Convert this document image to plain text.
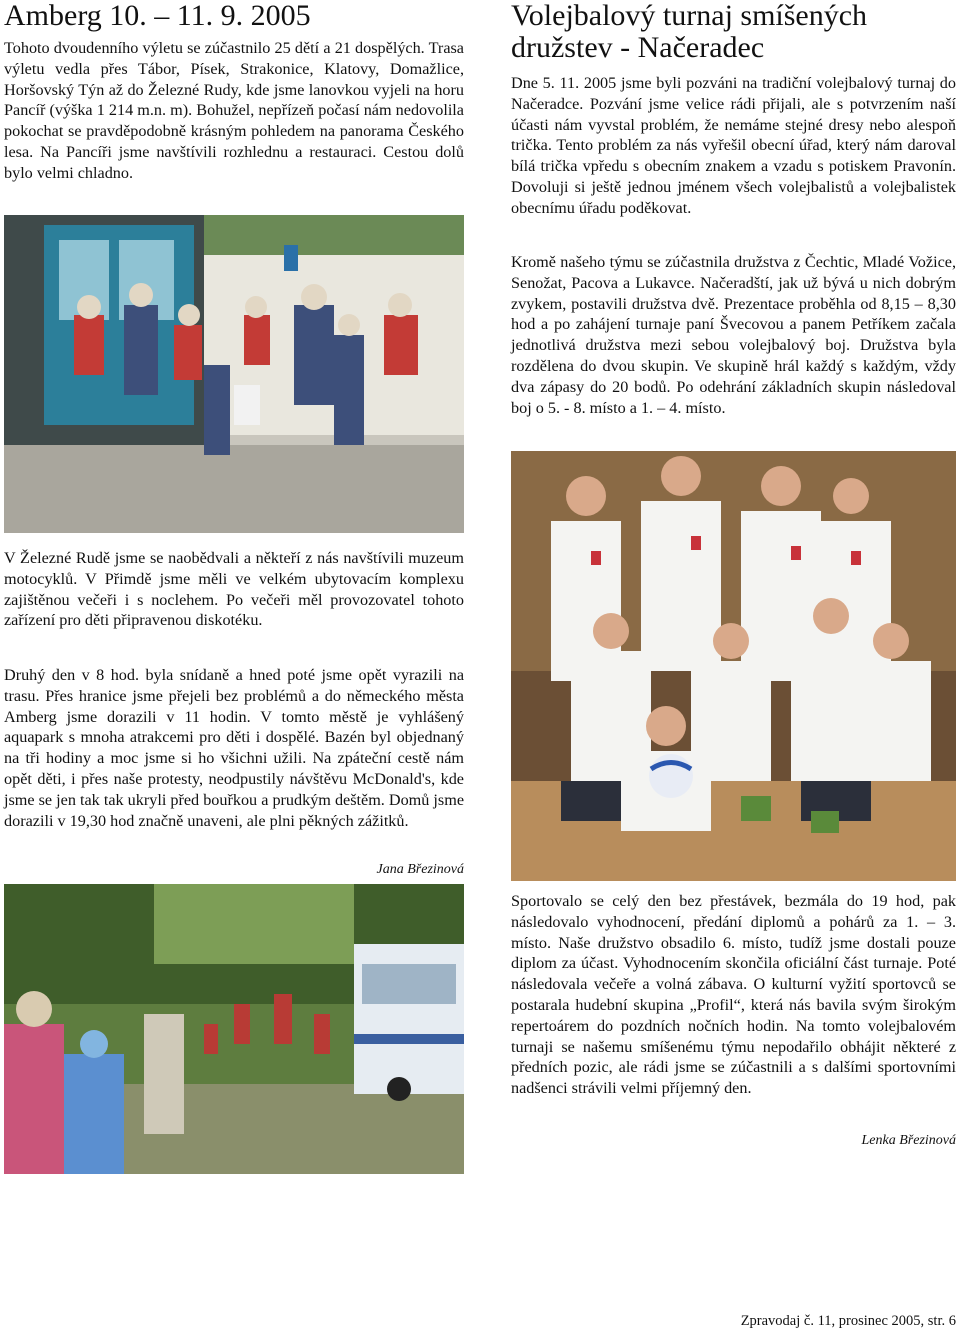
Amberg 10. – 11. 9. 2005

Tohoto dvoudenního výletu se zúčastnilo 25 dětí a 21 dospělých. Trasa výletu vedla přes Tábor, Písek, Strakonice, Klatovy, Domažlice, Horšovský Týn až do Železné Rudy, kde jsme lanovkou vyjeli na horu Pancíř (výška 1 214 m.n. m). Bohužel, nepřízeň počasí nám nedovolila pokochat se pravděpodobně krásným pohledem na panorama Českého lesa. Na Pancíři jsme navštívili rozhlednu a restauraci. Cestou dolů bylo velmi chladno.

V Železné Rudě jsme se naobědvali a někteří z nás navštívili muzeum motocyklů. V Přimdě jsme měli ve velkém ubytovacím komplexu zajištěnou večeři i s noclehem. Po večeři měl provozovatel tohoto zařízení pro děti připravenou diskotéku.

Druhý den v 8 hod. byla snídaně a hned poté jsme opět vyrazili na trasu. Přes hranice jsme přejeli bez problémů a do německého města Amberg jsme dorazili v 11 hodin. V tomto městě je vyhlášený aquapark s mnoha atrakcemi pro děti i dospělé. Bazén byl objednaný na tři hodiny a moc jsme si ho všichni užili. Na zpáteční cestě nám opět děti, i přes naše protesty, neodpustily návštěvu McDonald's, kde jsme se jen tak tak ukryli před bouřkou a prudkým deštěm. Domů jsme dorazili v 19,30 hod značně unaveni, ale plni pěkných zážitků.

Jana Březinová
Volejbalový turnaj smíšených družstev - Načeradec

Dne 5. 11. 2005 jsme byli pozváni na tradiční volejbalový turnaj do Načeradce. Pozvání jsme velice rádi přijali, ale s potvrzením naší účasti nám vyvstal problém, že nemáme stejné dresy nebo alespoň trička. Tento problém za nás vyřešil obecní úřad, který nám daroval bílá trička vpředu s obecním znakem a vzadu s potiskem Pravonín. Dovoluji si ještě jednou jménem všech volejbalistů a volejbalistek obecnímu úřadu poděkovat.

Kromě našeho týmu se zúčastnila družstva z Čechtic, Mladé Vožice, Senožat, Pacova a Lukavce. Načeradští, jak už bývá u nich dobrým zvykem, postavili družstva dvě. Prezentace proběhla od 8,15 – 8,30 hod a po zahájení turnaje paní Švecovou a panem Petříkem začala jednotlivá družstva mezi sebou volejbalový boj. Družstva byla rozdělena do dvou skupin. Ve skupině hrál každý s každým, vždy dva zápasy do 20 bodů. Po odehrání základních skupin následoval boj o 5. - 8. místo a 1. – 4. místo.

Sportovalo se celý den bez přestávek, bezmála do 19 hod, pak následovalo vyhodnocení, předání diplomů a pohárů za 1. – 3. místo. Naše družstvo obsadilo 6. místo, tudíž jsme dostali pouze diplom za účast. Vyhodnocením skončila oficiální část turnaje. Poté následovala večeře a volná zábava. O kulturní vyžití sportovců se postarala hudební skupina „Profil“, která nás bavila svým širokým repertoárem do pozdních nočních hodin. Na tomto volejbalovém turnaji se našemu smíšenému týmu nepodařilo obhájit některé z předních pozic, ale rádi jsme se zúčastnili a s dalšími sportovními nadšenci strávili velmi příjemný den.

Lenka Březinová
Zpravodaj č. 11, prosinec 2005, str. 6
